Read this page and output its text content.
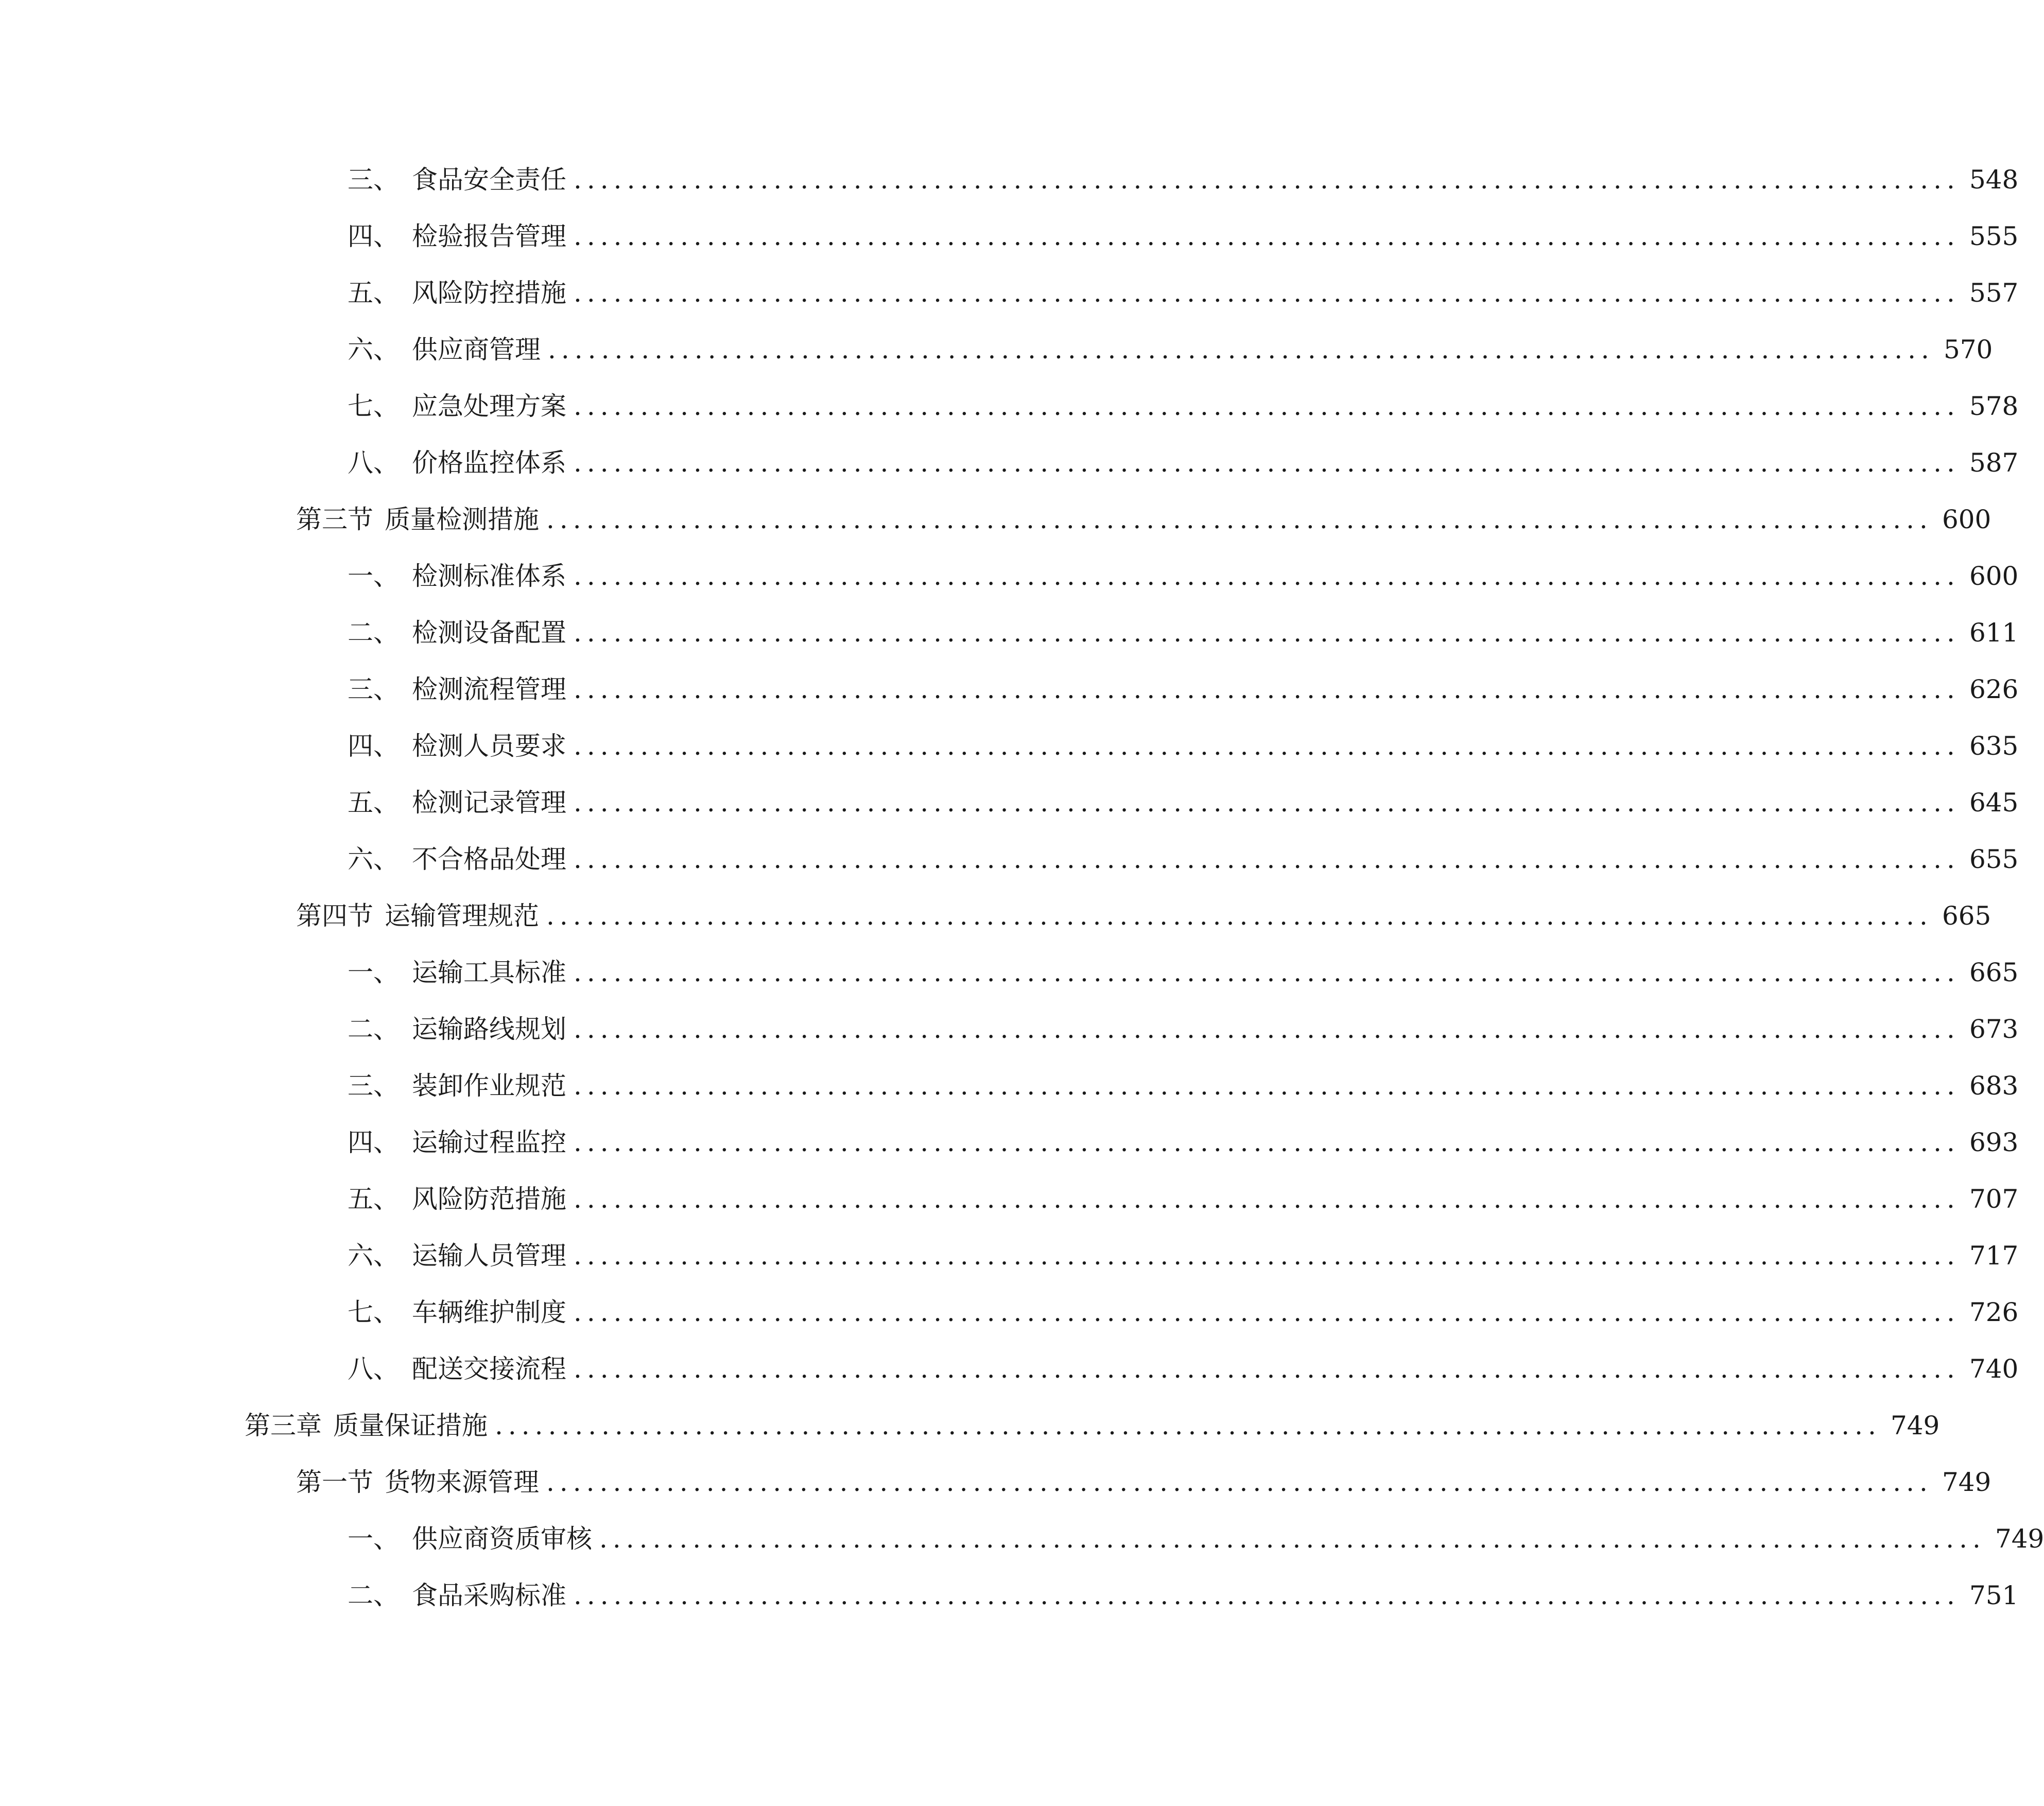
三、 食品安全责任 ........................................................................................................ 548
四、 检验报告管理 ........................................................................................................ 555
五、 风险防控措施 ........................................................................................................ 557
六、 供应商管理 ........................................................................................................ 570
七、 应急处理方案 ........................................................................................................ 578
八、 价格监控体系 ........................................................................................................ 587
第三节 质量检测措施 ........................................................................................................ 600
一、 检测标准体系 ........................................................................................................ 600
二、 检测设备配置 ........................................................................................................ 611
三、 检测流程管理 ........................................................................................................ 626
四、 检测人员要求 ........................................................................................................ 635
五、 检测记录管理 ........................................................................................................ 645
六、 不合格品处理 ........................................................................................................ 655
第四节 运输管理规范 ........................................................................................................ 665
一、 运输工具标准 ........................................................................................................ 665
二、 运输路线规划 ........................................................................................................ 673
三、 装卸作业规范 ........................................................................................................ 683
四、 运输过程监控 ........................................................................................................ 693
五、 风险防范措施 ........................................................................................................ 707
六、 运输人员管理 ........................................................................................................ 717
七、 车辆维护制度 ........................................................................................................ 726
八、 配送交接流程 ........................................................................................................ 740
第三章 质量保证措施 ........................................................................................................ 749
第一节 货物来源管理 ........................................................................................................ 749
一、 供应商资质审核 ........................................................................................................ 749
二、 食品采购标准 ........................................................................................................ 751
